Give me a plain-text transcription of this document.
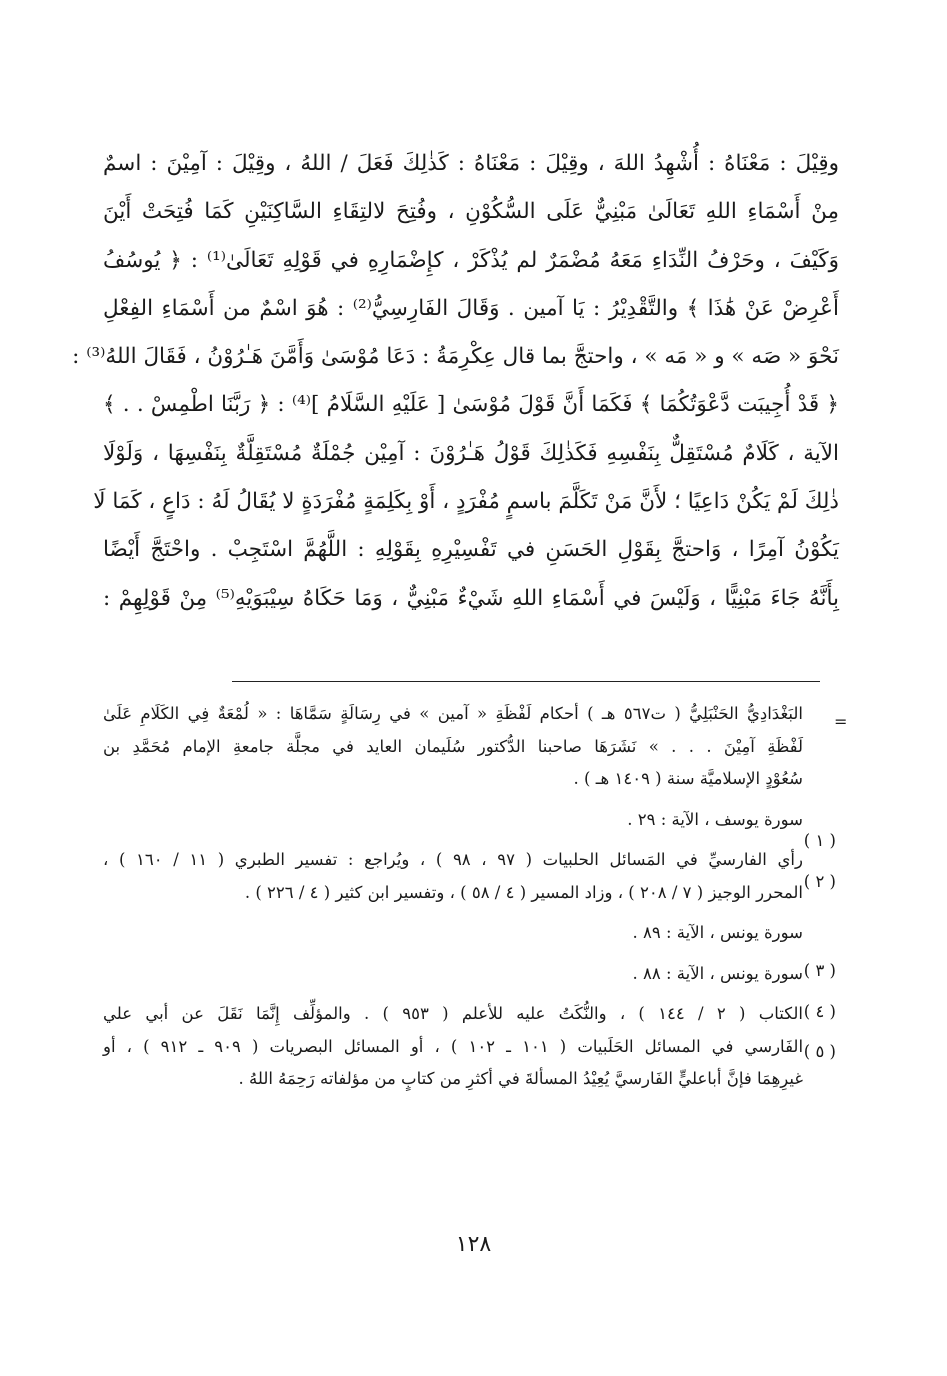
وقِيْلَ : مَعْنَاهُ : أُشْهِدُ اللهَ ، وقِيْلَ : مَعْنَاهُ : كَذٰلِكَ فَعَلَ / اللهُ ، وقِيْلَ : آمِيْنَ : اسمٌ
مِنْ أَسْمَاءِ اللهِ تَعَالَىٰ مَبْنِيٌّ عَلَى السُّكُوْنِ ، وفُتِحَ لالتِقَاءِ السَّاكِنَيْنِ كَمَا فُتِحَتْ أَيْنَ
وَكَيْفَ ، وحَرْفُ النِّدَاءِ مَعَهُ مُضْمَرٌ لم يُذْكَرْ ، كإِضْمَارِهِ في قَوْلِهِ تَعَالَىٰ⁽¹⁾ : ﴿ يُوسُفُ
أَعْرِضْ عَنْ هَٰذَا ﴾ والتَّقْدِيْرُ : يَا آمين . وَقَالَ الفَارِسِيُّ⁽²⁾ : هُوَ اسْمٌ من أَسْمَاءِ الفِعْلِ
نَحْوَ « صَه » و « مَه » ، واحتجَّ بما قال عِكْرِمَةُ : دَعَا مُوْسَىٰ وَأَمَّنَ هَـٰرُوْنُ ، فَقَالَ اللهُ⁽³⁾ :
﴿ قَدْ أُجِيبَت دَّعْوَتُكُمَا ﴾ فَكَمَا أَنَّ قَوْلَ مُوْسَىٰ [ عَلَيْهِ السَّلَامُ ]⁽⁴⁾ : ﴿ رَبَّنَا اطْمِسْ . . ﴾
الآية ، كَلَامٌ مُسْتَقِلٌّ بِنَفْسِهِ فَكَذٰلِكَ قَوْلُ هَـٰرُوْنَ : آمِيْن جُمْلَةٌ مُسْتَقِلَّةٌ بِنَفْسِهَا ، وَلَوْلَا
ذٰلِكَ لَمْ يَكُنْ دَاعِيًا ؛ لأَنَّ مَنْ تَكَلَّمَ باسمٍ مُفْرَدٍ ، أَوْ بِكَلِمَةٍ مُفْرَدَةٍ لا يُقَالُ لَهُ : دَاعٍ ، كَمَا لَا
يَكُوْنُ آمِرًا ، وَاحتجَّ بِقَوْلِ الحَسَنِ في تَفْسِيْرِهِ بِقَوْلِهِ : اللَّهُمَّ اسْتَجِبْ . واحْتَجَّ أَيْضًا
بِأَنَّهُ جَاءَ مَبْنِيًّا ، وَلَيْسَ في أَسْمَاءِ اللهِ شَيْءٌ مَبْنِيٌّ ، وَمَا حَكَاهُ سِيْبَوَيْهِ⁽⁵⁾ مِنْ قَوْلِهِمْ :
=
البَغْدَادِيُّ الحَنْبَلِيُّ ( ت٥٦٧ هـ ) أحكام لَفْظَةِ « آمين » في رِسَالَةٍ سَمَّاهَا : « لُمْعَةٌ فِي الكَلَامِ عَلَىٰ
لَفْظَةِ آمِيْنَ . . . » نَشَرَهَا صاحبنا الدُّكتور سُلَيمان العايد في مجلَّة جامعةِ الإمام مُحَمَّدِ بن
سُعُوْدٍ الإسلاميَّة سنة ( ١٤٠٩ هـ ) .
سورة يوسف ، الآية : ٢٩ .
رأي الفارسيِّ في المَسائل الحلبيات ( ٩٧ ، ٩٨ ) ، ويُراجع : تفسير الطبري ( ١١ / ١٦٠ ) ،
المحرر الوجيز ( ٧ / ٢٠٨ ) ، وزاد المسير ( ٤ / ٥٨ ) ، وتفسير ابن كثير ( ٤ / ٢٢٦ ) .
سورة يونس ، الآية : ٨٩ .
سورة يونس ، الآية : ٨٨ .
الكتاب ( ٢ / ١٤٤ ) ، والنُّكَتُ عليه للأعلم ( ٩٥٣ ) . والمؤلِّف إِنَّمَا نَقَلَ عن أبي علي
الفَارسي في المسائل الحَلَبيات ( ١٠١ ـ ١٠٢ ) ، أو المسائل البصريات ( ٩٠٩ ـ ٩١٢ ) ، أو
غيرِهِمَا فإنَّ أباعليٍّ الفَارسيَّ يُعِيْدُ المسألةَ في أكثرِ من كتابٍ من مؤلفاته رَحِمَهُ اللهُ .
( ١ )
( ٢ )
( ٣ )
( ٤ )
( ٥ )
١٢٨
